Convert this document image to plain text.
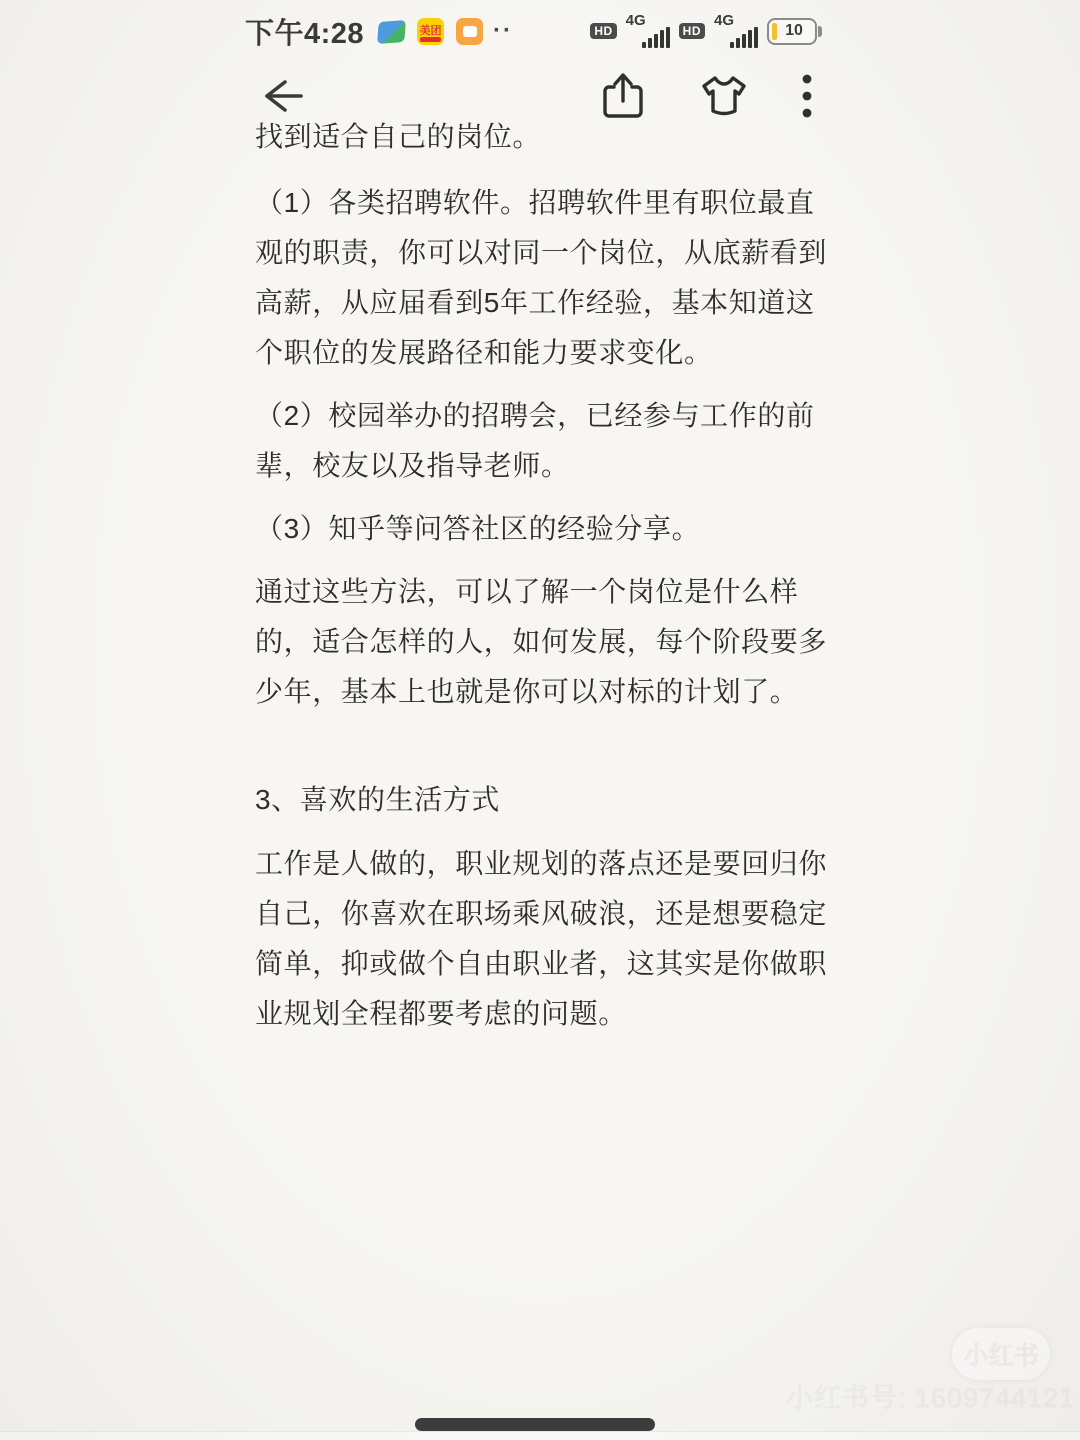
下午4:28	美团 ··	HD
4G
HD
4G
10

找到适合自己的岗位。

（1）各类招聘软件。招聘软件里有职位最直观的职责，你可以对同一个岗位，从底薪看到高薪，从应届看到5年工作经验，基本知道这个职位的发展路径和能力要求变化。

（2）校园举办的招聘会，已经参与工作的前辈，校友以及指导老师。

（3）知乎等问答社区的经验分享。

通过这些方法，可以了解一个岗位是什么样的，适合怎样的人，如何发展，每个阶段要多少年，基本上也就是你可以对标的计划了。

3、喜欢的生活方式

工作是人做的，职业规划的落点还是要回归你自己，你喜欢在职场乘风破浪，还是想要稳定简单，抑或做个自由职业者，这其实是你做职业规划全程都要考虑的问题。

小红书
小红书号: 1609744121
